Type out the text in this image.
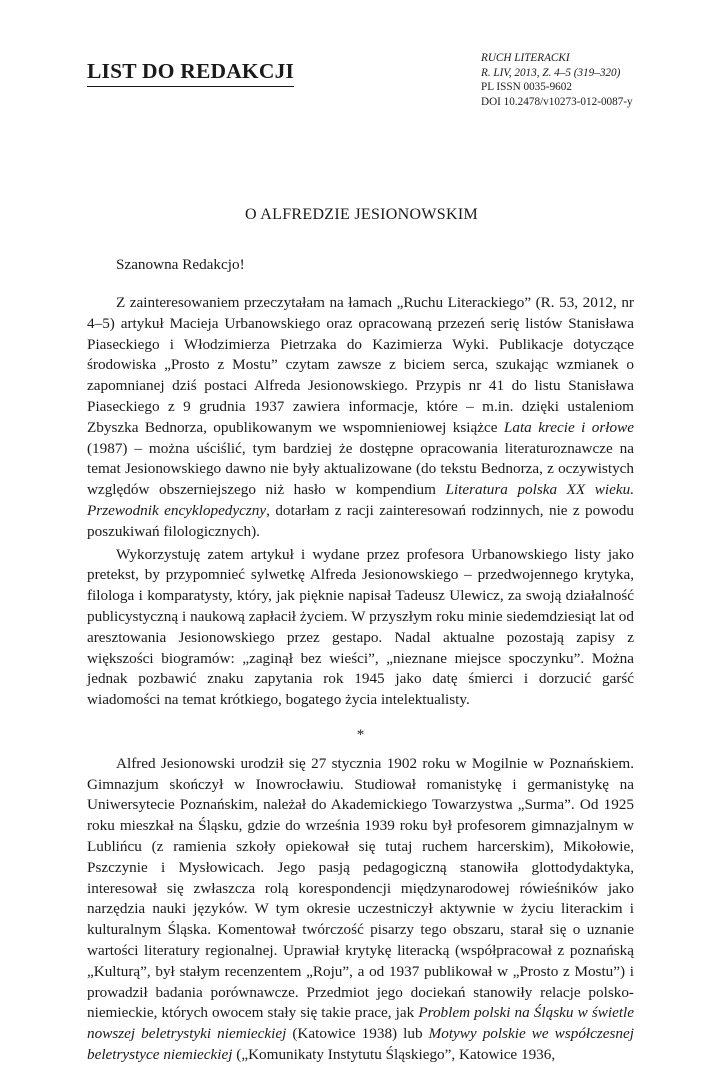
LIST DO REDAKCJI
RUCH LITERACKI
R. LIV, 2013, Z. 4–5 (319–320)
PL ISSN 0035-9602
DOI 10.2478/v10273-012-0087-y
O ALFREDZIE JESIONOWSKIM
Szanowna Redakcjo!

Z zainteresowaniem przeczytałam na łamach „Ruchu Literackiego” (R. 53, 2012, nr 4–5) artykuł Macieja Urbanowskiego oraz opracowaną przezeń serię listów Stanisława Piaseckiego i Włodzimierza Pietrzaka do Kazimierza Wyki. Publikacje dotyczące środowiska „Prosto z Mostu” czytam zawsze z biciem serca, szukając wzmianek o zapomnianej dziś postaci Alfreda Jesionowskiego. Przypis nr 41 do listu Stanisława Piaseckiego z 9 grudnia 1937 zawiera informacje, które – m.in. dzięki ustaleniom Zbyszka Bednorza, opublikowanym we wspomnieniowej książce Lata krecie i orłowe (1987) – można uściślić, tym bardziej że dostępne opracowania literaturoznawcze na temat Jesionowskiego dawno nie były aktualizowane (do tekstu Bednorza, z oczywistych względów obszerniejszego niż hasło w kompendium Literatura polska XX wieku. Przewodnik encyklopedyczny, dotarłam z racji zainteresowań rodzinnych, nie z powodu poszukiwań filologicznych).

Wykorzystuję zatem artykuł i wydane przez profesora Urbanowskiego listy jako pretekst, by przypomnieć sylwetkę Alfreda Jesionowskiego – przedwojennego krytyka, filologa i komparatysty, który, jak pięknie napisał Tadeusz Ulewicz, za swoją działalność publicystyczną i naukową zapłacił życiem. W przyszłym roku minie siedemdziesiąt lat od aresztowania Jesionowskiego przez gestapo. Nadal aktualne pozostają zapisy z większości biogramów: „zaginął bez wieści”, „nieznane miejsce spoczynku”. Można jednak pozbawić znaku zapytania rok 1945 jako datę śmierci i dorzucić garść wiadomości na temat krótkiego, bogatego życia intelektualisty.

*

Alfred Jesionowski urodził się 27 stycznia 1902 roku w Mogilnie w Poznańskiem. Gimnazjum skończył w Inowrocławiu. Studiował romanistykę i germanistykę na Uniwersytecie Poznańskim, należał do Akademickiego Towarzystwa „Surma”. Od 1925 roku mieszkał na Śląsku, gdzie do września 1939 roku był profesorem gimnazjalnym w Lublińcu (z ramienia szkoły opiekował się tutaj ruchem harcerskim), Mikołowie, Pszczynie i Mysłowicach. Jego pasją pedagogiczną stanowiła glottodydaktyka, interesował się zwłaszcza rolą korespondencji międzynarodowej rówieśników jako narzędzia nauki języków. W tym okresie uczestniczył aktywnie w życiu literackim i kulturalnym Śląska. Komentował twórczość pisarzy tego obszaru, starał się o uznanie wartości literatury regionalnej. Uprawiał krytykę literacką (współpracował z poznańską „Kulturą”, był stałym recenzentem „Roju”, a od 1937 publikował w „Prosto z Mostu”) i prowadził badania porównawcze. Przedmiot jego dociekań stanowiły relacje polsko-niemieckie, których owocem stały się takie prace, jak Problem polski na Śląsku w świetle nowszej beletrystyki niemieckiej (Katowice 1938) lub Motywy polskie we współczesnej beletrystyce niemieckiej („Komunikaty Instytutu Śląskiego”, Katowice 1936,
